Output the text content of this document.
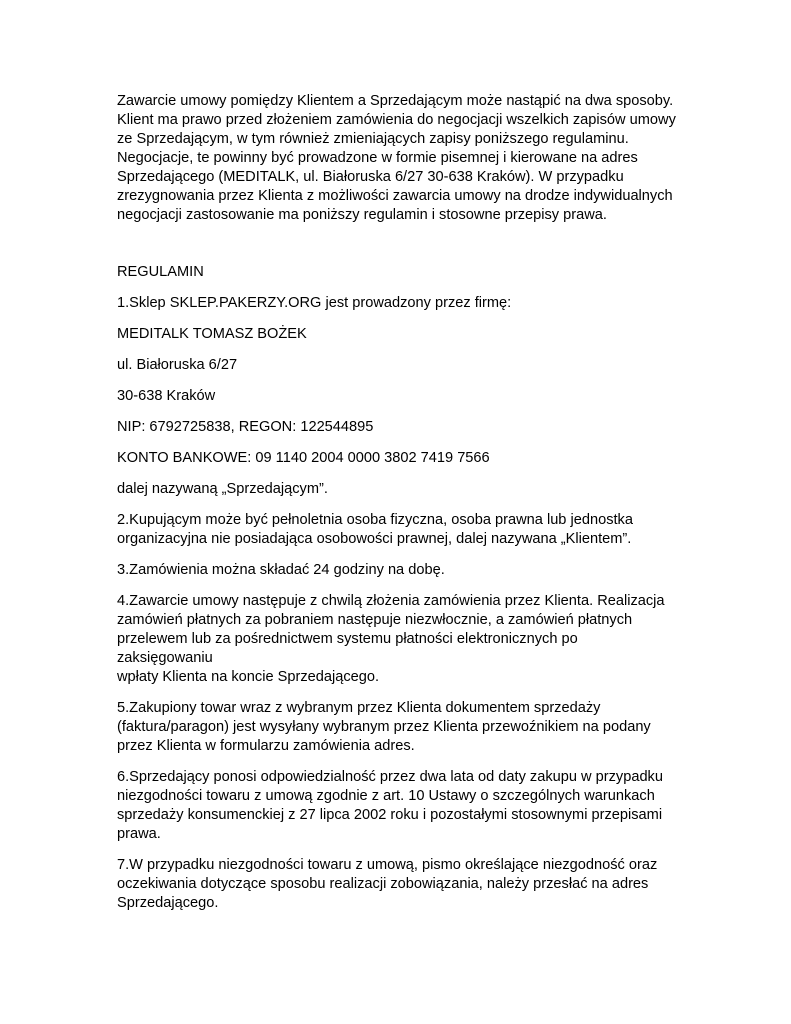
Zawarcie umowy pomiędzy Klientem a Sprzedającym może nastąpić na dwa sposoby.
Klient ma prawo przed złożeniem zamówienia do negocjacji wszelkich zapisów umowy
ze Sprzedającym, w tym również zmieniających zapisy poniższego regulaminu.
Negocjacje, te powinny być prowadzone w formie pisemnej i kierowane na adres
Sprzedającego (MEDITALK, ul. Białoruska 6/27 30-638 Kraków). W przypadku
zrezygnowania przez Klienta z możliwości zawarcia umowy na drodze indywidualnych
negocjacji zastosowanie ma poniższy regulamin i stosowne przepisy prawa.

REGULAMIN

1.Sklep SKLEP.PAKERZY.ORG jest prowadzony przez firmę:

MEDITALK TOMASZ BOŻEK

ul. Białoruska 6/27

30-638 Kraków

NIP: 6792725838, REGON: 122544895

KONTO BANKOWE: 09 1140 2004 0000 3802 7419 7566

dalej nazywaną „Sprzedającym”.

2.Kupującym może być pełnoletnia osoba fizyczna, osoba prawna lub jednostka
organizacyjna nie posiadająca osobowości prawnej, dalej nazywana „Klientem”.

3.Zamówienia można składać 24 godziny na dobę.

4.Zawarcie umowy następuje z chwilą złożenia zamówienia przez Klienta. Realizacja
zamówień płatnych za pobraniem następuje niezwłocznie, a zamówień płatnych
przelewem lub za pośrednictwem systemu płatności elektronicznych po zaksięgowaniu
wpłaty Klienta na koncie Sprzedającego.

5.Zakupiony towar wraz z wybranym przez Klienta dokumentem sprzedaży
(faktura/paragon) jest wysyłany wybranym przez Klienta przewoźnikiem na podany
przez Klienta w formularzu zamówienia adres.

6.Sprzedający ponosi odpowiedzialność przez dwa lata od daty zakupu w przypadku
niezgodności towaru z umową zgodnie z art. 10 Ustawy o szczególnych warunkach
sprzedaży konsumenckiej z 27 lipca 2002 roku i pozostałymi stosownymi przepisami
prawa.

7.W przypadku niezgodności towaru z umową, pismo określające niezgodność oraz
oczekiwania dotyczące sposobu realizacji zobowiązania, należy przesłać na adres
Sprzedającego.
